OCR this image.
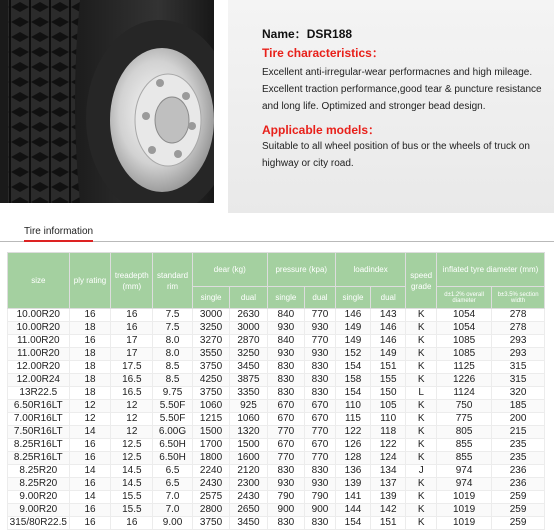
Name：DSR188
Tire characteristics：
Excellent anti-irregular-wear performacnes and high mileage. Excellent traction performance,good tear & puncture resistance and long life. Optimized and stronger bead design.
Applicable models：
Suitable to all wheel position of bus or the wheels of truck on highway or city road.
Tire information
size	ply rating	treadepth (mm)	standard rim	dear (kg)		pressure (kpa)		loadindex		speed grade	inflated tyre diameter (mm)	
				single	dual	single	dual	single	dual		d±1.2% overall diameter	b±3.5% section width
10.00R20	16	16	7.5	3000	2630	840	770	146	143	K	1054	278
10.00R20	18	16	7.5	3250	3000	930	930	149	146	K	1054	278
11.00R20	16	17	8.0	3270	2870	840	770	149	146	K	1085	293
11.00R20	18	17	8.0	3550	3250	930	930	152	149	K	1085	293
12.00R20	18	17.5	8.5	3750	3450	830	830	154	151	K	1125	315
12.00R24	18	16.5	8.5	4250	3875	830	830	158	155	K	1226	315
13R22.5	18	16.5	9.75	3750	3350	830	830	154	150	L	1124	320
6.50R16LT	12	12	5.50F	1060	925	670	670	110	105	K	750	185
7.00R16LT	12	12	5.50F	1215	1060	670	670	115	110	K	775	200
7.50R16LT	14	12	6.00G	1500	1320	770	770	122	118	K	805	215
8.25R16LT	16	12.5	6.50H	1700	1500	670	670	126	122	K	855	235
8.25R16LT	16	12.5	6.50H	1800	1600	770	770	128	124	K	855	235
8.25R20	14	14.5	6.5	2240	2120	830	830	136	134	J	974	236
8.25R20	16	14.5	6.5	2430	2300	930	930	139	137	K	974	236
9.00R20	14	15.5	7.0	2575	2430	790	790	141	139	K	1019	259
9.00R20	16	15.5	7.0	2800	2650	900	900	144	142	K	1019	259
315/80R22.5	16	16	9.00	3750	3450	830	830	154	151	K	1019	259
